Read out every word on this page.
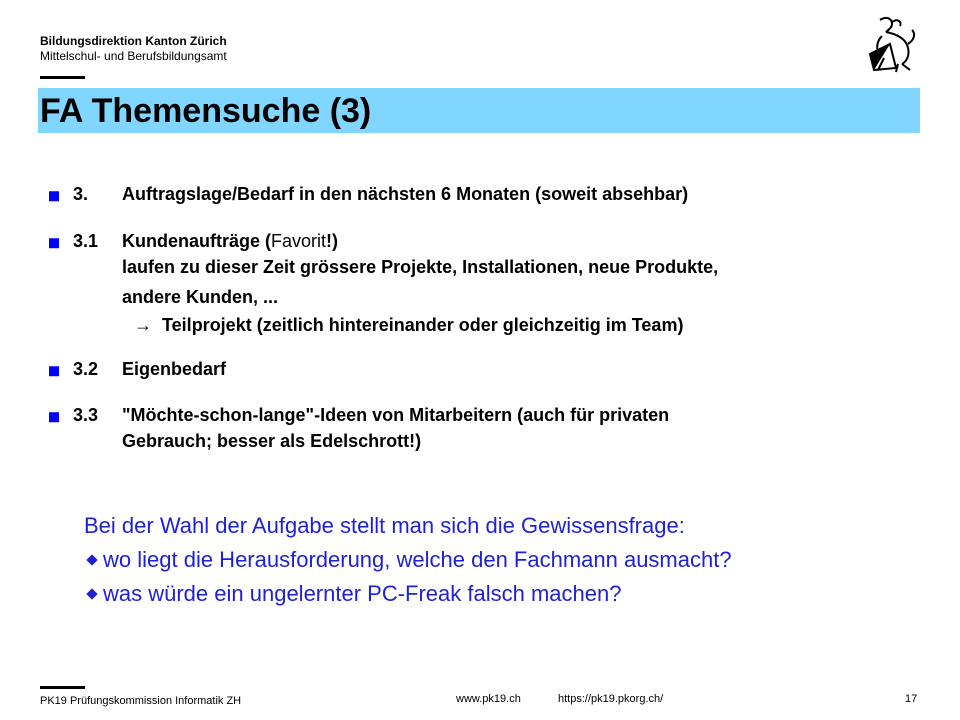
Bildungsdirektion Kanton Zürich
Mittelschul- und Berufsbildungsamt
FA Themensuche (3)
3. Auftragslage/Bedarf in den nächsten 6 Monaten (soweit absehbar)
3.1 Kundenaufträge (Favorit!)
laufen zu dieser Zeit grössere Projekte, Installationen, neue Produkte,
andere Kunden, ...
→ Teilprojekt (zeitlich hintereinander oder gleichzeitig im Team)
3.2 Eigenbedarf
3.3 "Möchte-schon-lange"-Ideen von Mitarbeitern (auch für privaten
Gebrauch; besser als Edelschrott!)
Bei der Wahl der Aufgabe stellt man sich die Gewissensfrage:
wo liegt die Herausforderung, welche den Fachmann ausmacht?
was würde ein ungelernter PC-Freak falsch machen?
PK19 Prüfungskommission Informatik ZH	www.pk19.ch	https://pk19.pkorg.ch/	17
